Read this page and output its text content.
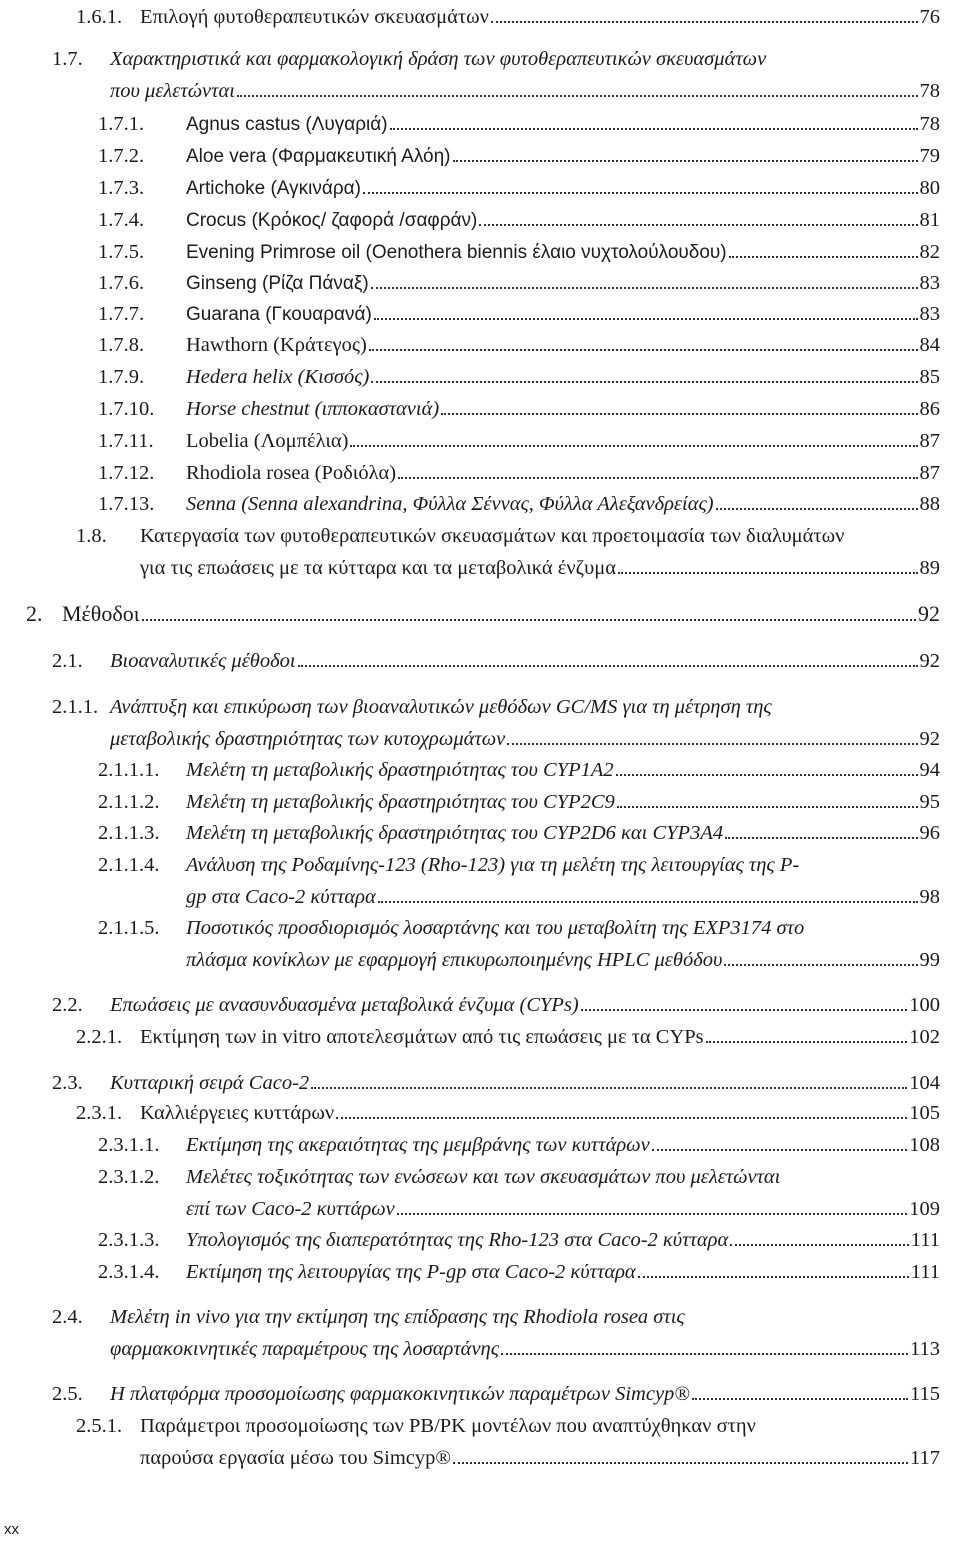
1.6.1. Επιλογή φυτοθεραπευτικών σκευασμάτων	76
1.7. Χαρακτηριστικά και φαρμακολογική δράση των φυτοθεραπευτικών σκευασμάτων
που μελετώνται	78
1.7.1. Agnus castus (Λυγαριά)	78
1.7.2. Aloe vera (Φαρμακευτική Αλόη)	79
1.7.3. Artichoke (Αγκινάρα)	80
1.7.4. Crocus (Κρόκος/ ζαφορά /σαφράν)	81
1.7.5. Evening Primrose oil (Oenothera biennis έλαιο νυχτολούλουδου)	82
1.7.6. Ginseng (Ρίζα Πάναξ)	83
1.7.7. Guarana (Γκουαρανά)	83
1.7.8. Hawthorn (Κράτεγος)	84
1.7.9. Hedera helix (Κισσός)	85
1.7.10. Horse chestnut (ιπποκαστανιά)	86
1.7.11. Lobelia (Λομπέλια)	87
1.7.12. Rhodiola rosea (Ροδιόλα)	87
1.7.13. Senna (Senna alexandrina, Φύλλα Σέννας, Φύλλα Αλεξανδρείας)	88
1.8. Κατεργασία των φυτοθεραπευτικών σκευασμάτων και προετοιμασία των διαλυμάτων
για τις επωάσεις με τα κύτταρα και τα μεταβολικά ένζυμα	89
2. Μέθοδοι	92
2.1. Βιοαναλυτικές μέθοδοι	92
2.1.1. Ανάπτυξη και επικύρωση των βιοαναλυτικών μεθόδων GC/MS για τη μέτρηση της
μεταβολικής δραστηριότητας των κυτοχρωμάτων	92
2.1.1.1. Μελέτη τη μεταβολικής δραστηριότητας του CYP1A2	94
2.1.1.2. Μελέτη τη μεταβολικής δραστηριότητας του CYP2C9	95
2.1.1.3. Μελέτη τη μεταβολικής δραστηριότητας του CYP2D6 και CYP3A4	96
2.1.1.4. Ανάλυση της Ροδαμίνης-123 (Rho-123) για τη μελέτη της λειτουργίας της P-
gp στα Caco-2 κύτταρα	98
2.1.1.5. Ποσοτικός προσδιορισμός λοσαρτάνης και του μεταβολίτη της EXP3174 στο
πλάσμα κονίκλων με εφαρμογή επικυρωποιημένης HPLC μεθόδου	99
2.2. Επωάσεις με ανασυνδυασμένα μεταβολικά ένζυμα (CYPs)	100
2.2.1. Εκτίμηση των in vitro αποτελεσμάτων από τις επωάσεις με τα CYPs	102
2.3. Κυτταρική σειρά Caco-2	104
2.3.1. Καλλιέργειες κυττάρων	105
2.3.1.1. Εκτίμηση της ακεραιότητας της μεμβράνης των κυττάρων	108
2.3.1.2. Μελέτες τοξικότητας των ενώσεων και των σκευασμάτων που μελετώνται
επί των Caco-2 κυττάρων	109
2.3.1.3. Υπολογισμός της διαπερατότητας της Rho-123 στα Caco-2 κύτταρα	111
2.3.1.4. Εκτίμηση της λειτουργίας της P-gp στα Caco-2 κύτταρα	111
2.4. Μελέτη in vivo για την εκτίμηση της επίδρασης της Rhodiola rosea στις
φαρμακοκινητικές παραμέτρους της λοσαρτάνης	113
2.5. Η πλατφόρμα προσομοίωσης φαρμακοκινητικών παραμέτρων Simcyp®	115
2.5.1. Παράμετροι προσομοίωσης των PB/PK μοντέλων που αναπτύχθηκαν στην
παρούσα εργασία μέσω του Simcyp®	117
xx
